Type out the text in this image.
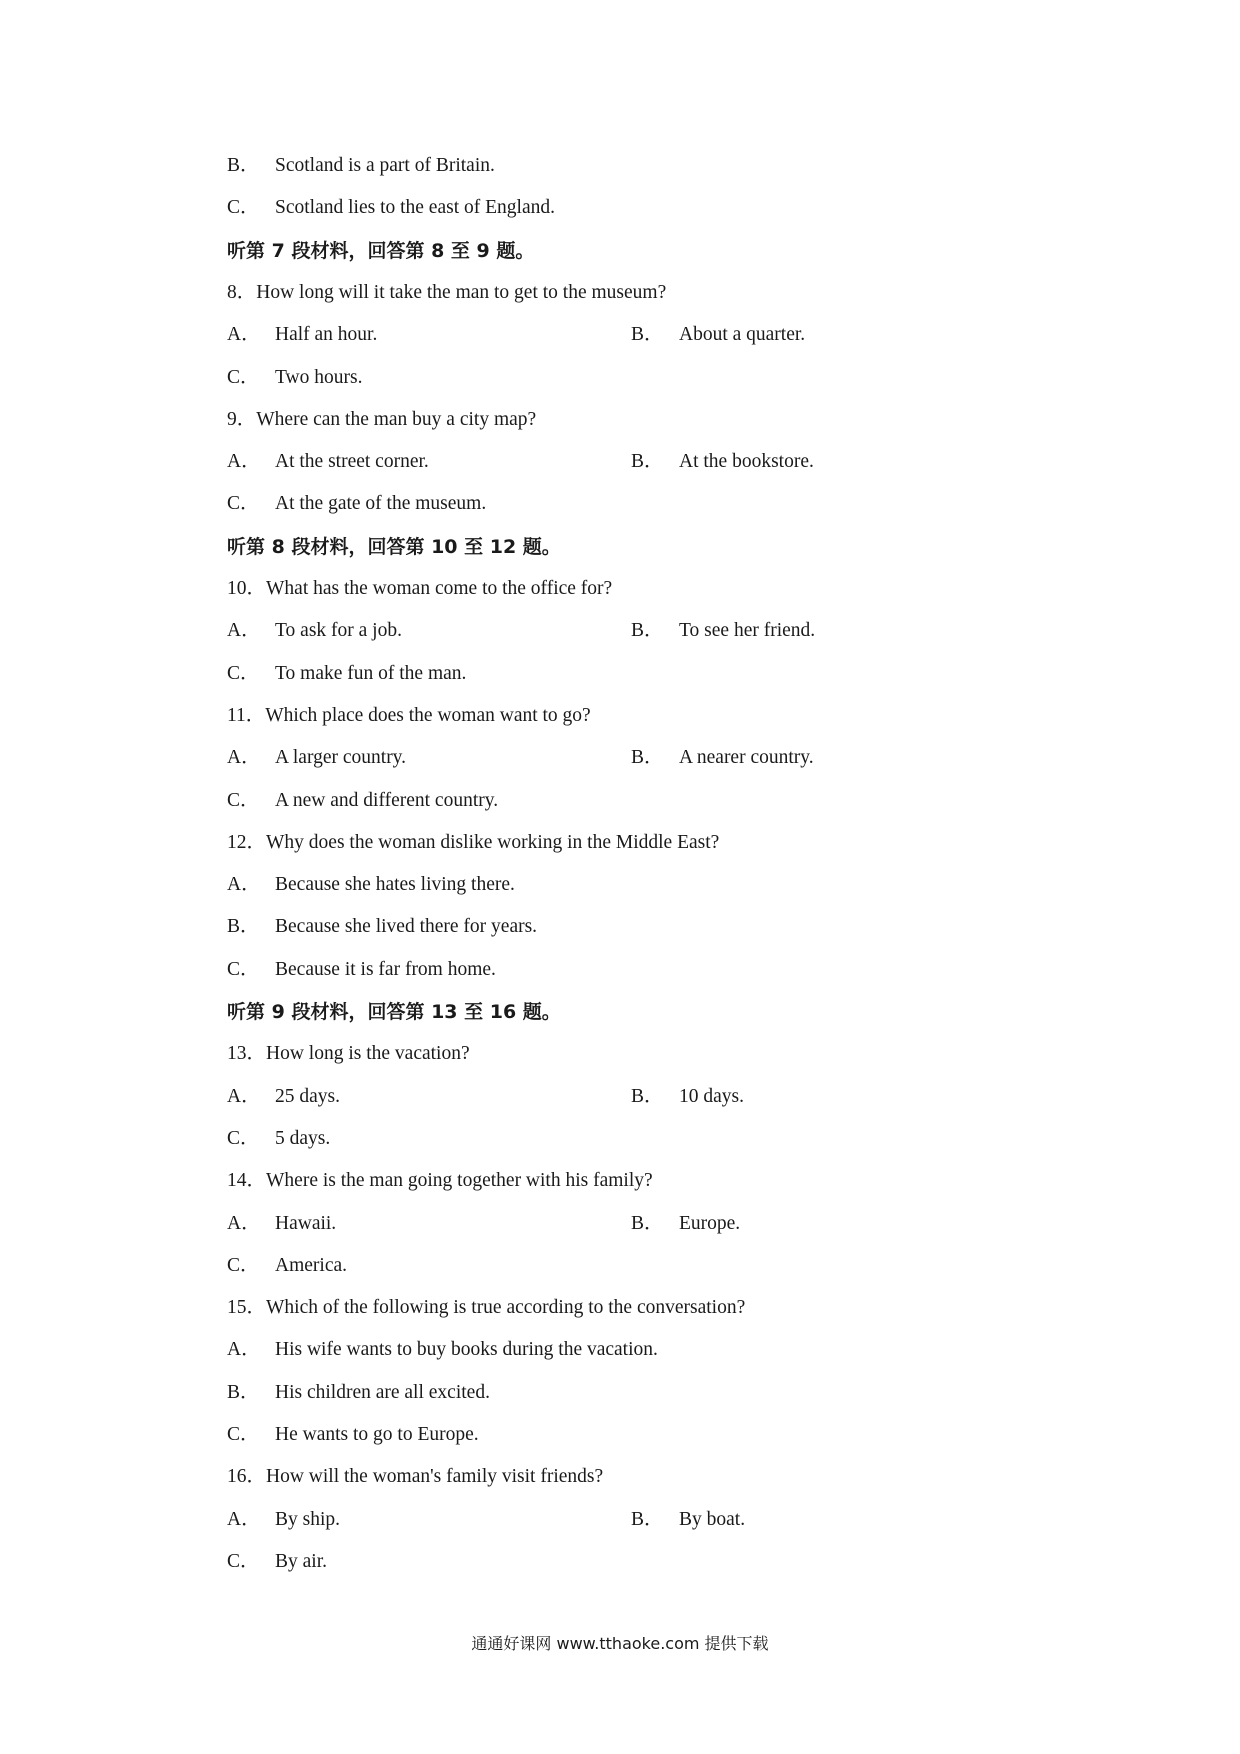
B． Scotland is a part of Britain.
C． Scotland lies to the east of England.
听第 7 段材料，回答第 8 至 9 题。
8．How long will it take the man to get to the museum?
A． Half an hour.	B． About a quarter.
C． Two hours.
9．Where can the man buy a city map?
A． At the street corner.	B． At the bookstore.
C． At the gate of the museum.
听第 8 段材料，回答第 10 至 12 题。
10．What has the woman come to the office for?
A． To ask for a job.	B． To see her friend.
C． To make fun of the man.
11．Which place does the woman want to go?
A． A larger country.	B． A nearer country.
C． A new and different country.
12．Why does the woman dislike working in the Middle East?
A． Because she hates living there.
B． Because she lived there for years.
C． Because it is far from home.
听第 9 段材料，回答第 13 至 16 题。
13．How long is the vacation?
A． 25 days.	B． 10 days.
C． 5 days.
14．Where is the man going together with his family?
A． Hawaii.	B． Europe.
C． America.
15．Which of the following is true according to the conversation?
A． His wife wants to buy books during the vacation.
B． His children are all excited.
C． He wants to go to Europe.
16．How will the woman's family visit friends?
A． By ship.	B． By boat.
C． By air.
通通好课网 www.tthaoke.com 提供下载
